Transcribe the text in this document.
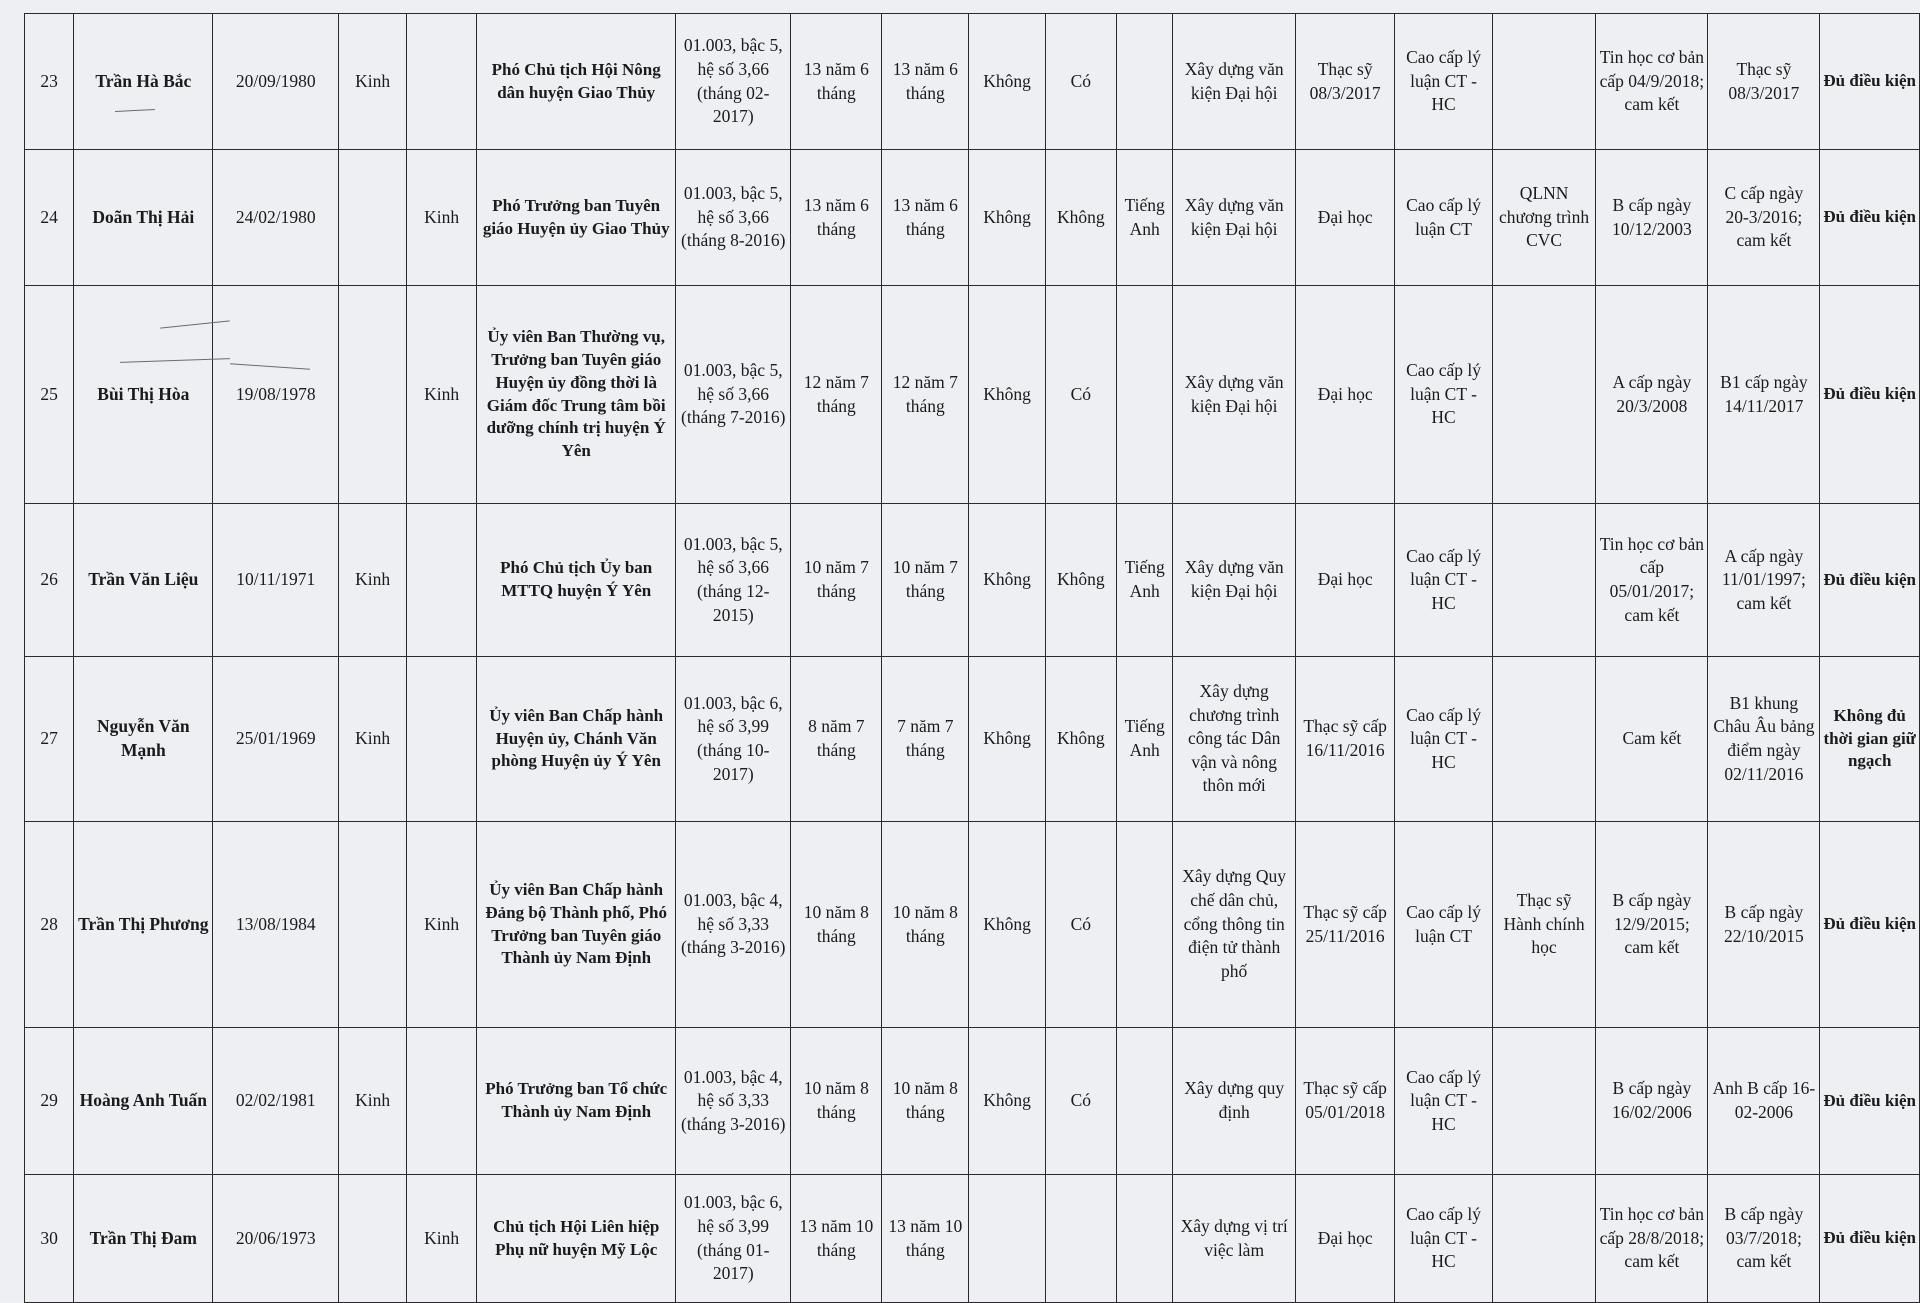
23	Trần Hà Bắc	20/09/1980	Kinh		Phó Chủ tịch Hội Nông dân huyện Giao Thủy	01.003, bậc 5, hệ số 3,66 (tháng 02-2017)	13 năm 6 tháng	13 năm 6 tháng	Không	Có		Xây dựng văn kiện Đại hội	Thạc sỹ 08/3/2017	Cao cấp lý luận CT - HC		Tin học cơ bản cấp 04/9/2018; cam kết	Thạc sỹ 08/3/2017	Đủ điều kiện
24	Doãn Thị Hải	24/02/1980		Kinh	Phó Trưởng ban Tuyên giáo Huyện ủy Giao Thủy	01.003, bậc 5, hệ số 3,66 (tháng 8-2016)	13 năm 6 tháng	13 năm 6 tháng	Không	Không	Tiếng Anh	Xây dựng văn kiện Đại hội	Đại học	Cao cấp lý luận CT	QLNN chương trình CVC	B cấp ngày 10/12/2003	C cấp ngày 20-3/2016; cam kết	Đủ điều kiện
25	Bùi Thị Hòa	19/08/1978		Kinh	Ủy viên Ban Thường vụ, Trưởng ban Tuyên giáo Huyện ủy đồng thời là Giám đốc Trung tâm bồi dưỡng chính trị huyện Ý Yên	01.003, bậc 5, hệ số 3,66 (tháng 7-2016)	12 năm 7 tháng	12 năm 7 tháng	Không	Có		Xây dựng văn kiện Đại hội	Đại học	Cao cấp lý luận CT - HC		A cấp ngày 20/3/2008	B1 cấp ngày 14/11/2017	Đủ điều kiện
26	Trần Văn Liệu	10/11/1971	Kinh		Phó Chủ tịch Ủy ban MTTQ huyện Ý Yên	01.003, bậc 5, hệ số 3,66 (tháng 12-2015)	10 năm 7 tháng	10 năm 7 tháng	Không	Không	Tiếng Anh	Xây dựng văn kiện Đại hội	Đại học	Cao cấp lý luận CT - HC		Tin học cơ bản cấp 05/01/2017; cam kết	A cấp ngày 11/01/1997; cam kết	Đủ điều kiện
27	Nguyễn Văn Mạnh	25/01/1969	Kinh		Ủy viên Ban Chấp hành Huyện ủy, Chánh Văn phòng Huyện ủy Ý Yên	01.003, bậc 6, hệ số 3,99 (tháng 10-2017)	8 năm 7 tháng	7 năm 7 tháng	Không	Không	Tiếng Anh	Xây dựng chương trình công tác Dân vận và nông thôn mới	Thạc sỹ cấp 16/11/2016	Cao cấp lý luận CT - HC		Cam kết	B1 khung Châu Âu bảng điểm ngày 02/11/2016	Không đủ thời gian giữ ngạch
28	Trần Thị Phương	13/08/1984		Kinh	Ủy viên Ban Chấp hành Đảng bộ Thành phố, Phó Trưởng ban Tuyên giáo Thành ủy Nam Định	01.003, bậc 4, hệ số 3,33 (tháng 3-2016)	10 năm 8 tháng	10 năm 8 tháng	Không	Có		Xây dựng Quy chế dân chủ, cổng thông tin điện tử thành phố	Thạc sỹ cấp 25/11/2016	Cao cấp lý luận CT	Thạc sỹ Hành chính học	B cấp ngày 12/9/2015; cam kết	B cấp ngày 22/10/2015	Đủ điều kiện
29	Hoàng Anh Tuấn	02/02/1981	Kinh		Phó Trưởng ban Tổ chức Thành ủy Nam Định	01.003, bậc 4, hệ số 3,33 (tháng 3-2016)	10 năm 8 tháng	10 năm 8 tháng	Không	Có		Xây dựng quy định	Thạc sỹ cấp 05/01/2018	Cao cấp lý luận CT - HC		B cấp ngày 16/02/2006	Anh B cấp 16-02-2006	Đủ điều kiện
30	Trần Thị Đam	20/06/1973		Kinh	Chủ tịch Hội Liên hiệp Phụ nữ huyện Mỹ Lộc	01.003, bậc 6, hệ số 3,99 (tháng 01-2017)	13 năm 10 tháng	13 năm 10 tháng				Xây dựng vị trí việc làm	Đại học	Cao cấp lý luận CT - HC		Tin học cơ bản cấp 28/8/2018; cam kết	B cấp ngày 03/7/2018; cam kết	Đủ điều kiện
